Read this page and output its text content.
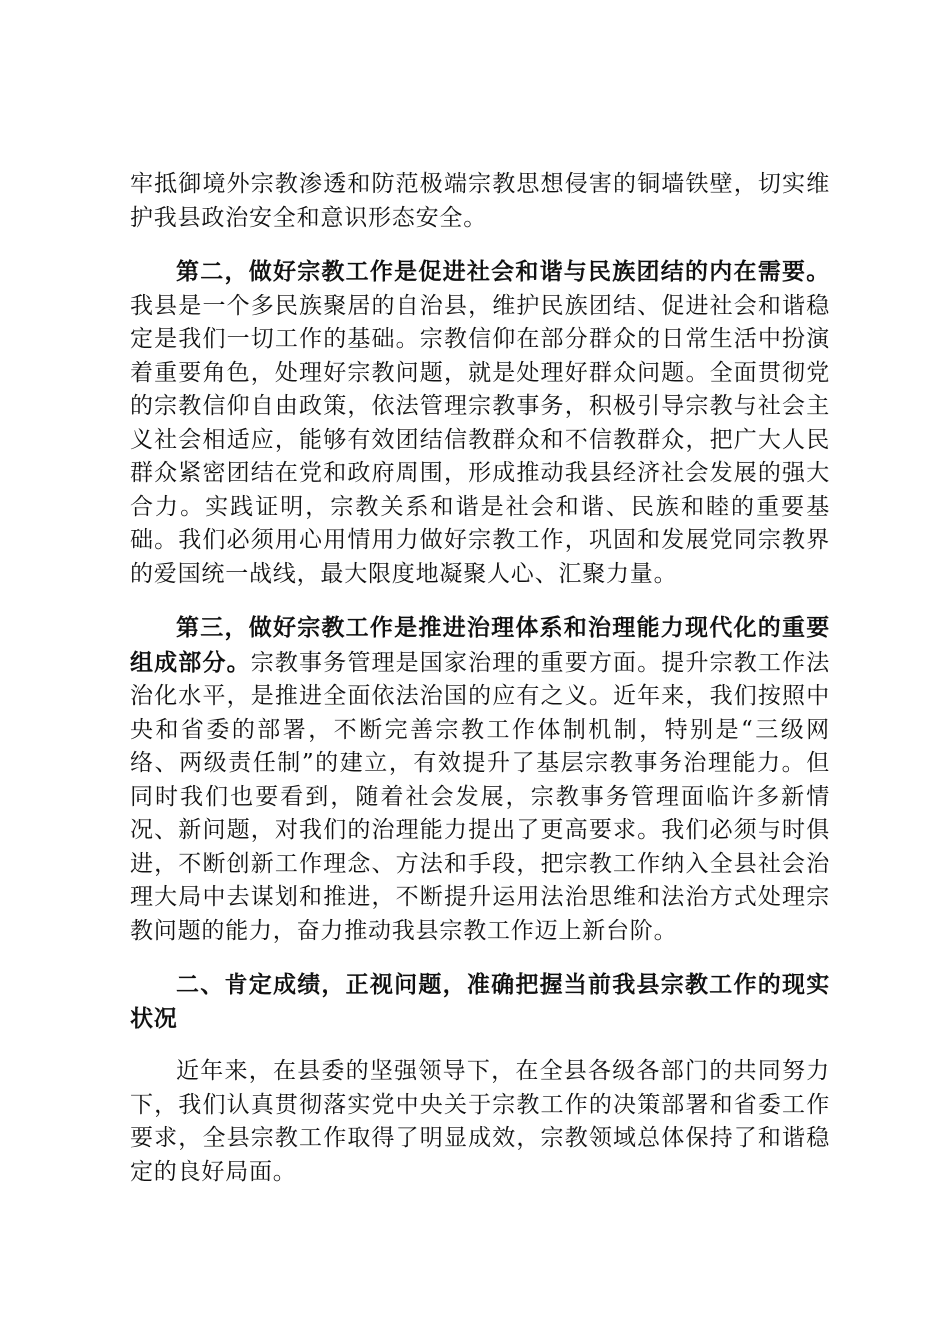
牢抵御境外宗教渗透和防范极端宗教思想侵害的铜墙铁壁，切实维护我县政治安全和意识形态安全。

第二，做好宗教工作是促进社会和谐与民族团结的内在需要。我县是一个多民族聚居的自治县，维护民族团结、促进社会和谐稳定是我们一切工作的基础。宗教信仰在部分群众的日常生活中扮演着重要角色，处理好宗教问题，就是处理好群众问题。全面贯彻党的宗教信仰自由政策，依法管理宗教事务，积极引导宗教与社会主义社会相适应，能够有效团结信教群众和不信教群众，把广大人民群众紧密团结在党和政府周围，形成推动我县经济社会发展的强大合力。实践证明，宗教关系和谐是社会和谐、民族和睦的重要基础。我们必须用心用情用力做好宗教工作，巩固和发展党同宗教界的爱国统一战线，最大限度地凝聚人心、汇聚力量。

第三，做好宗教工作是推进治理体系和治理能力现代化的重要组成部分。宗教事务管理是国家治理的重要方面。提升宗教工作法治化水平，是推进全面依法治国的应有之义。近年来，我们按照中央和省委的部署，不断完善宗教工作体制机制，特别是“三级网络、两级责任制”的建立，有效提升了基层宗教事务治理能力。但同时我们也要看到，随着社会发展，宗教事务管理面临许多新情况、新问题，对我们的治理能力提出了更高要求。我们必须与时俱进，不断创新工作理念、方法和手段，把宗教工作纳入全县社会治理大局中去谋划和推进，不断提升运用法治思维和法治方式处理宗教问题的能力，奋力推动我县宗教工作迈上新台阶。

二、肯定成绩，正视问题，准确把握当前我县宗教工作的现实状况

近年来，在县委的坚强领导下，在全县各级各部门的共同努力下，我们认真贯彻落实党中央关于宗教工作的决策部署和省委工作要求，全县宗教工作取得了明显成效，宗教领域总体保持了和谐稳定的良好局面。
